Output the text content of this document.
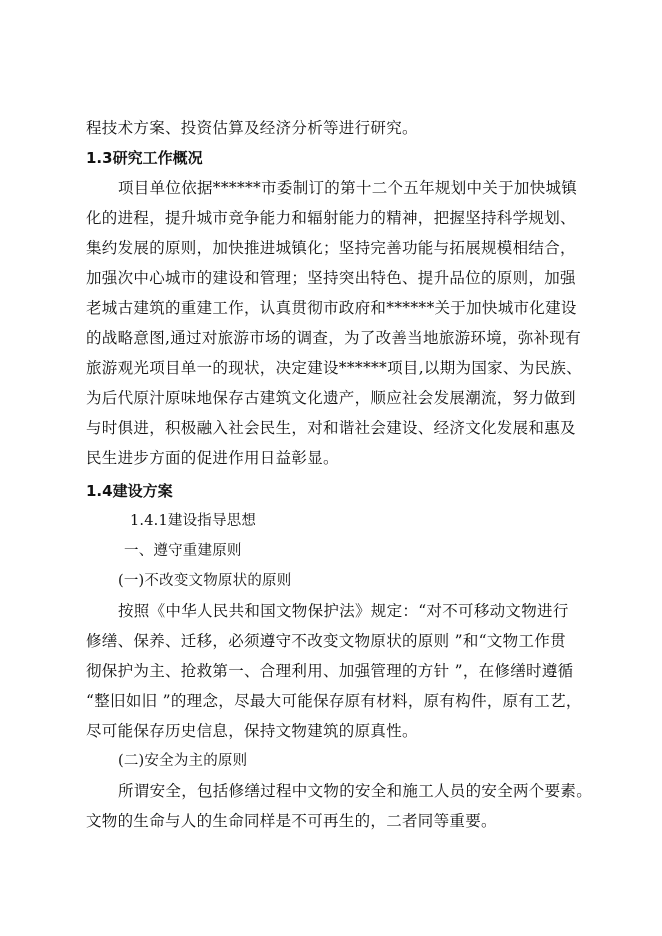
程技术方案、投资估算及经济分析等进行研究。
1.3研究工作概况
项目单位依据******市委制订的第十二个五年规划中关于加快城镇
化的进程，提升城市竞争能力和辐射能力的精神，把握坚持科学规划、
集约发展的原则，加快推进城镇化；坚持完善功能与拓展规模相结合，
加强次中心城市的建设和管理；坚持突出特色、提升品位的原则，加强
老城古建筑的重建工作，认真贯彻市政府和******关于加快城市化建设
的战略意图,通过对旅游市场的调查，为了改善当地旅游环境，弥补现有
旅游观光项目单一的现状，决定建设******项目,以期为国家、为民族、
为后代原汁原味地保存古建筑文化遗产，顺应社会发展潮流，努力做到
与时俱进，积极融入社会民生，对和谐社会建设、经济文化发展和惠及
民生进步方面的促进作用日益彰显。
1.4建设方案
1.4.1建设指导思想
一、遵守重建原则
(一)不改变文物原状的原则
按照《中华人民共和国文物保护法》规定：“对不可移动文物进行
修缮、保养、迁移，必须遵守不改变文物原状的原则 ”和“文物工作贯
彻保护为主、抢救第一、合理利用、加强管理的方针 ”，在修缮时遵循
“整旧如旧 ”的理念，尽最大可能保存原有材料，原有构件，原有工艺，
尽可能保存历史信息，保持文物建筑的原真性。
(二)安全为主的原则
所谓安全，包括修缮过程中文物的安全和施工人员的安全两个要素。
文物的生命与人的生命同样是不可再生的，二者同等重要。
